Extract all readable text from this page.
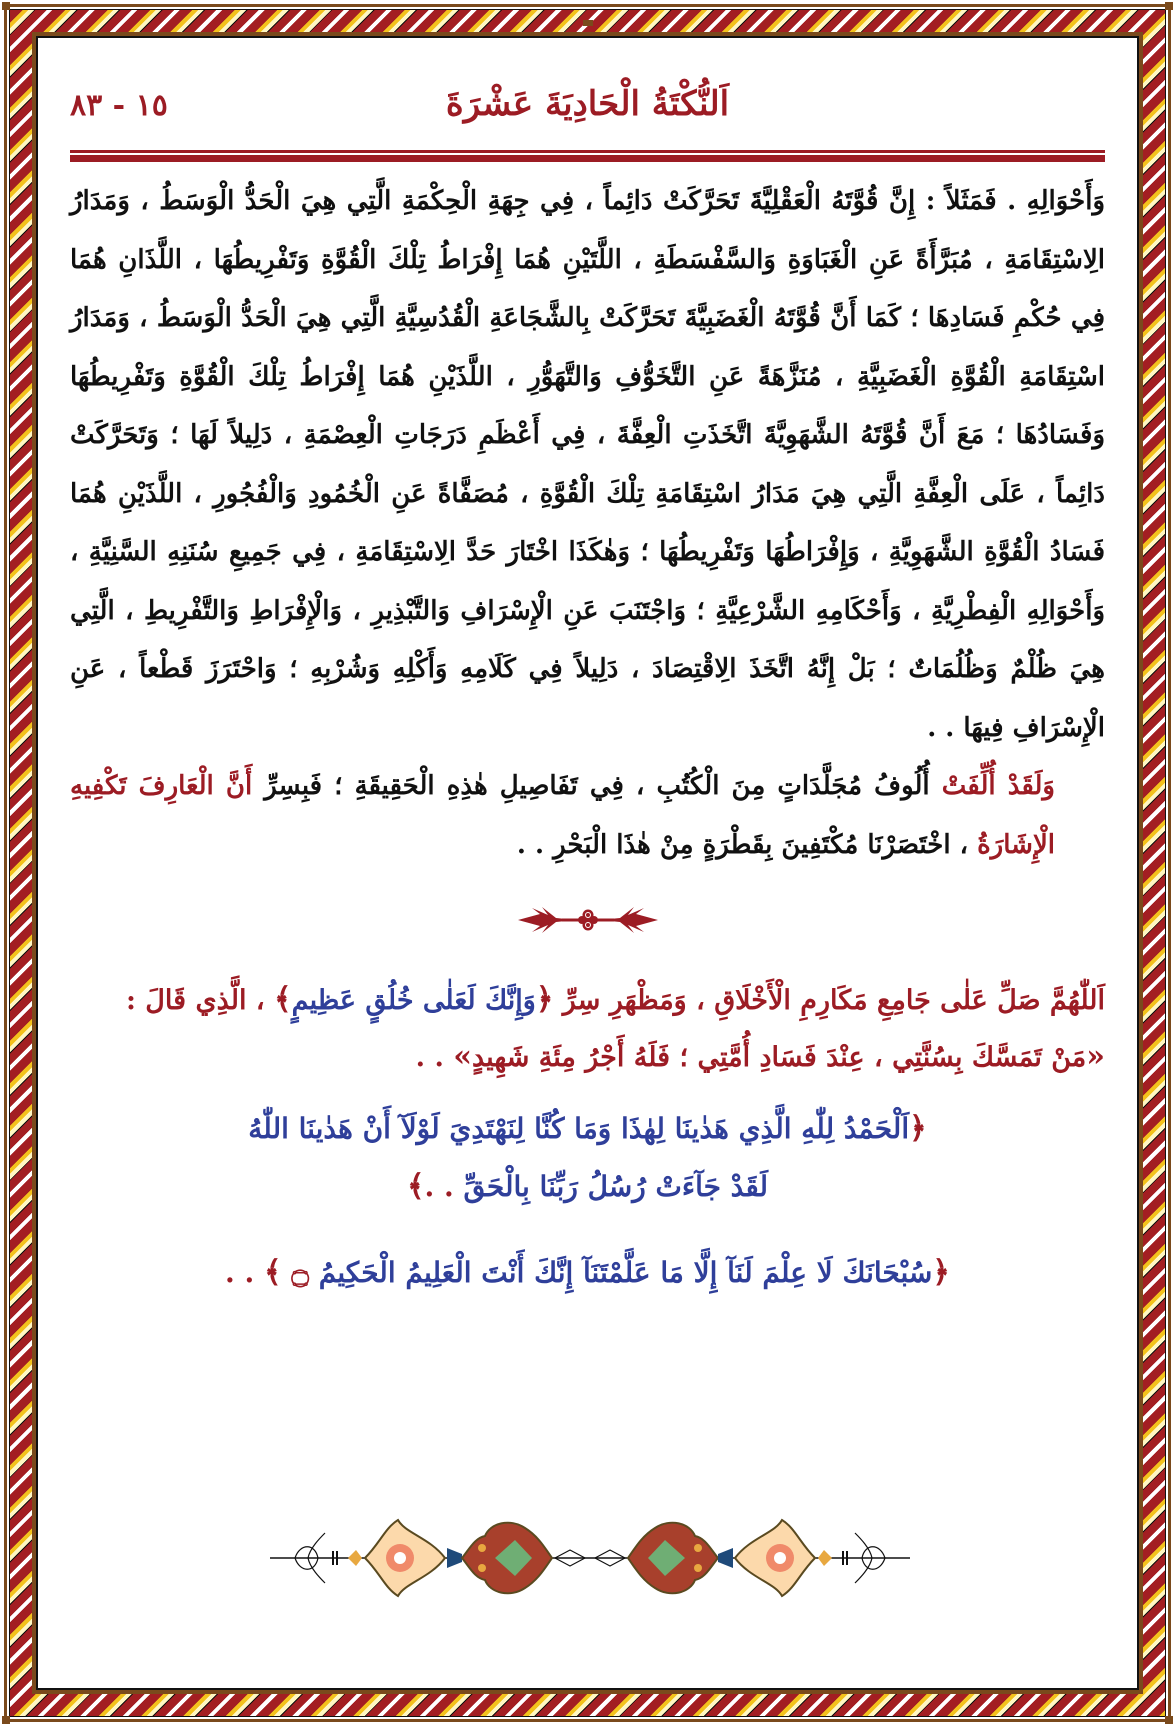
اَلنُّكْتَةُ الْحَادِيَةَ عَشْرَةَ
١٥ - ٨٣

وَأَحْوَالِهِ . فَمَثَلاً : إِنَّ قُوَّتَهُ الْعَقْلِيَّةَ تَحَرَّكَتْ دَائِماً ، فِي جِهَةِ الْحِكْمَةِ الَّتِي هِيَ الْحَدُّ الْوَسَطُ ، وَمَدَارُ الِاسْتِقَامَةِ ، مُبَرَّأَةً عَنِ الْغَبَاوَةِ وَالسَّفْسَطَةِ ، اللَّتَيْنِ هُمَا إِفْرَاطُ تِلْكَ الْقُوَّةِ وَتَفْرِيطُهَا ، اللَّذَانِ هُمَا فِي حُكْمِ فَسَادِهَا ؛ كَمَا أَنَّ قُوَّتَهُ الْغَضَبِيَّةَ تَحَرَّكَتْ بِالشَّجَاعَةِ الْقُدُسِيَّةِ الَّتِي هِيَ الْحَدُّ الْوَسَطُ ، وَمَدَارُ اسْتِقَامَةِ الْقُوَّةِ الْغَضَبِيَّةِ ، مُنَزَّهَةً عَنِ التَّخَوُّفِ وَالتَّهَوُّرِ ، اللَّذَيْنِ هُمَا إِفْرَاطُ تِلْكَ الْقُوَّةِ وَتَفْرِيطُهَا وَفَسَادُهَا ؛ مَعَ أَنَّ قُوَّتَهُ الشَّهَوِيَّةَ اتَّخَذَتِ الْعِفَّةَ ، فِي أَعْظَمِ دَرَجَاتِ الْعِصْمَةِ ، دَلِيلاً لَهَا ؛ وَتَحَرَّكَتْ دَائِماً ، عَلَى الْعِفَّةِ الَّتِي هِيَ مَدَارُ اسْتِقَامَةِ تِلْكَ الْقُوَّةِ ، مُصَفَّاةً عَنِ الْخُمُودِ وَالْفُجُورِ ، اللَّذَيْنِ هُمَا فَسَادُ الْقُوَّةِ الشَّهَوِيَّةِ ، وَإِفْرَاطُهَا وَتَفْرِيطُهَا ؛ وَهٰكَذَا اخْتَارَ حَدَّ الِاسْتِقَامَةِ ، فِي جَمِيعِ سُنَنِهِ السَّنِيَّةِ ، وَأَحْوَالِهِ الْفِطْرِيَّةِ ، وَأَحْكَامِهِ الشَّرْعِيَّةِ ؛ وَاجْتَنَبَ عَنِ الْإِسْرَافِ وَالتَّبْذِيرِ ، وَالْإِفْرَاطِ وَالتَّفْرِيطِ ، الَّتِي هِيَ ظُلْمٌ وَظُلُمَاتٌ ؛ بَلْ إِنَّهُ اتَّخَذَ الِاقْتِصَادَ ، دَلِيلاً فِي كَلَامِهِ وَأَكْلِهِ وَشُرْبِهِ ؛ وَاحْتَرَزَ قَطْعاً ، عَنِ الْإِسْرَافِ فِيهَا . .

وَلَقَدْ أُلِّفَتْ أُلُوفُ مُجَلَّدَاتٍ مِنَ الْكُتُبِ ، فِي تَفَاصِيلِ هٰذِهِ الْحَقِيقَةِ ؛ فَبِسِرِّ أَنَّ الْعَارِفَ تَكْفِيهِ الْإِشَارَةُ ، اخْتَصَرْنَا مُكْتَفِينَ بِقَطْرَةٍ مِنْ هٰذَا الْبَحْرِ . .

اَللّٰهُمَّ صَلِّ عَلٰى جَامِعِ مَكَارِمِ الْأَخْلَاقِ ، وَمَظْهَرِ سِرِّ ﴿وَإِنَّكَ لَعَلٰى خُلُقٍ عَظِيمٍ﴾ ، الَّذِي قَالَ : «مَنْ تَمَسَّكَ بِسُنَّتِي ، عِنْدَ فَسَادِ أُمَّتِي ؛ فَلَهُ أَجْرُ مِئَةِ شَهِيدٍ» . .
﴿اَلْحَمْدُ لِلّٰهِ الَّذِي هَدٰينَا لِهٰذَا وَمَا كُنَّا لِنَهْتَدِيَ لَوْلَآ أَنْ هَدٰينَا اللّٰهُ
لَقَدْ جَآءَتْ رُسُلُ رَبِّنَا بِالْحَقِّ . .﴾
﴿سُبْحَانَكَ لَا عِلْمَ لَنَآ إِلَّا مَا عَلَّمْتَنَآ إِنَّكَ أَنْتَ الْعَلِيمُ الْحَكِيمُ ۝ ﴾ . .
